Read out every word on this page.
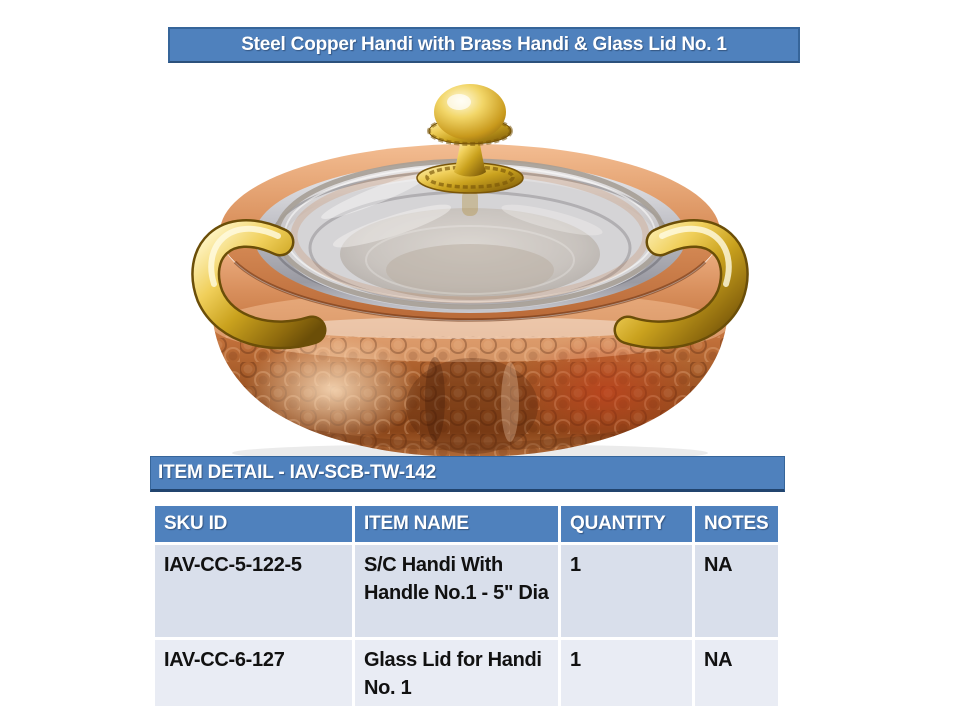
Steel Copper Handi with Brass Handi & Glass Lid No. 1
ITEM DETAIL - IAV-SCB-TW-142
SKU ID	ITEM NAME	QUANTITY	NOTES
IAV-CC-5-122-5	S/C Handi With Handle No.1 - 5" Dia	1	NA
IAV-CC-6-127	Glass Lid for Handi No. 1	1	NA
